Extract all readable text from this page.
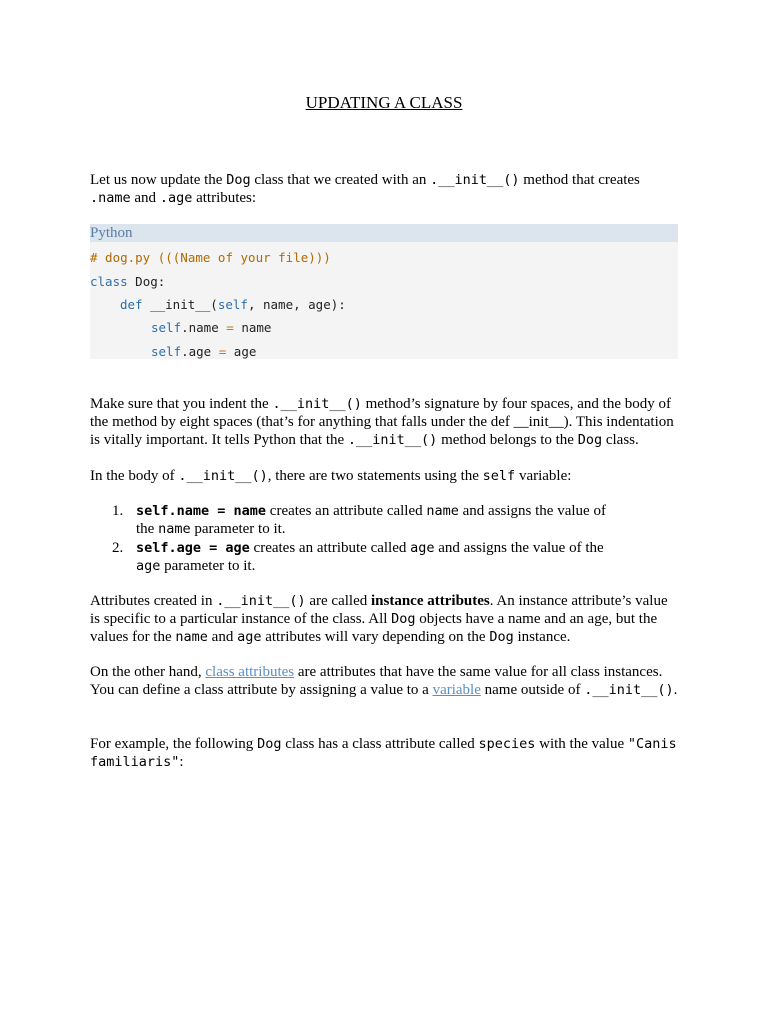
UPDATING A CLASS

Let us now update the Dog class that we created with an .__init__() method that creates .name and .age attributes:

Python
# dog.py (((Name of your file)))
class Dog:
def __init__(self, name, age):
self.name = name
self.age = age

Make sure that you indent the .__init__() method’s signature by four spaces, and the body of the method by eight spaces (that’s for anything that falls under the def __init__). This indentation is vitally important. It tells Python that the .__init__() method belongs to the Dog class.

In the body of .__init__(), there are two statements using the self variable:

1. self.name = name creates an attribute called name and assigns the value of the name parameter to it.
2. self.age = age creates an attribute called age and assigns the value of the age parameter to it.

Attributes created in .__init__() are called instance attributes. An instance attribute’s value is specific to a particular instance of the class. All Dog objects have a name and an age, but the values for the name and age attributes will vary depending on the Dog instance.

On the other hand, class attributes are attributes that have the same value for all class instances. You can define a class attribute by assigning a value to a variable name outside of .__init__().

For example, the following Dog class has a class attribute called species with the value "Canis familiaris":
